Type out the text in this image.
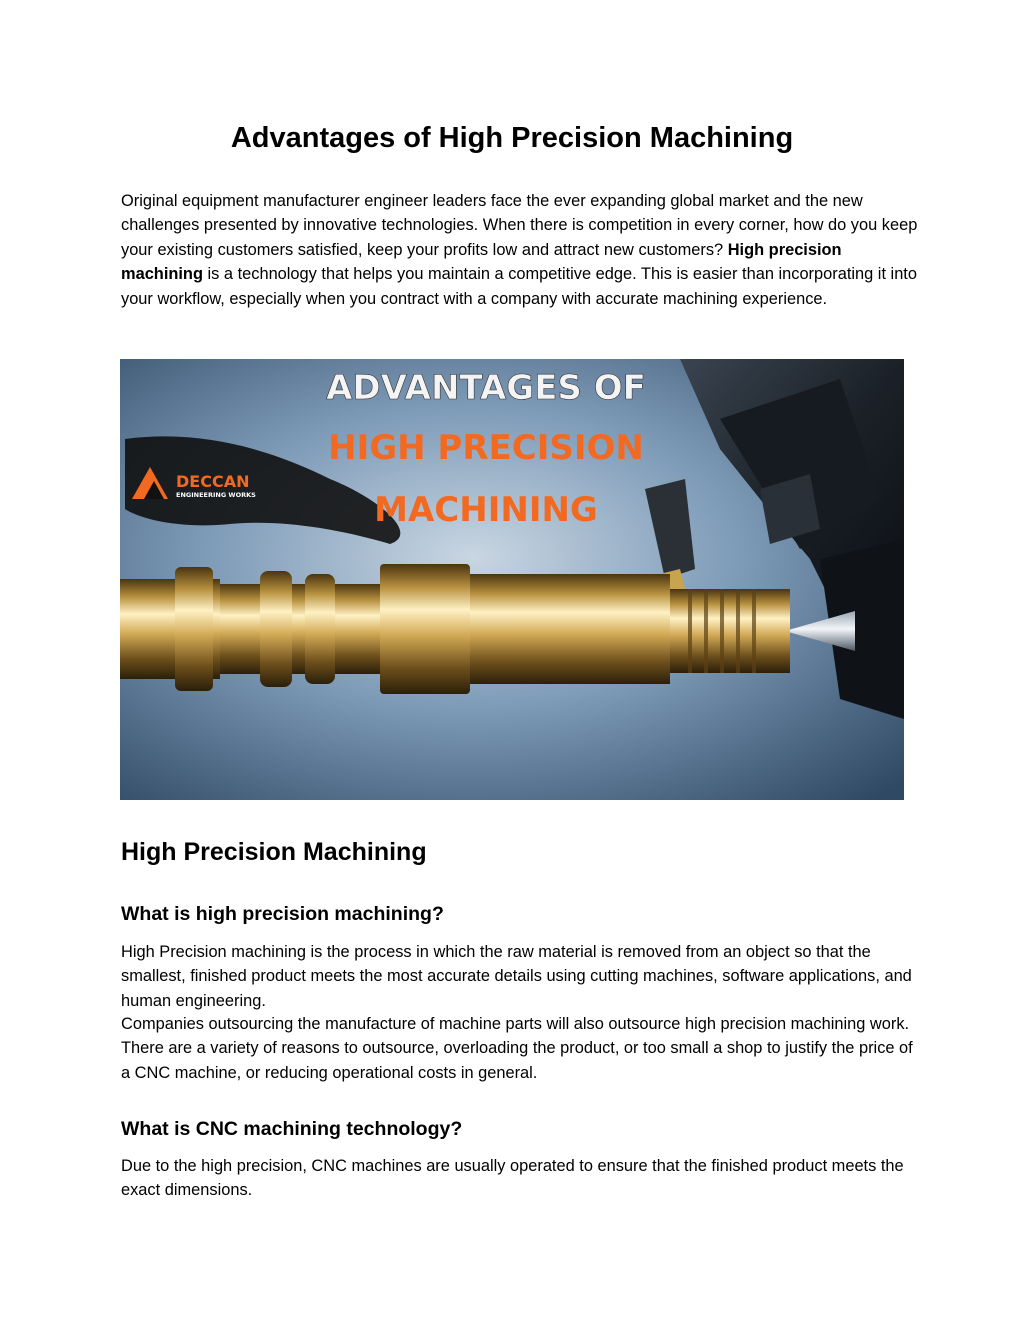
Advantages of High Precision Machining

Original equipment manufacturer engineer leaders face the ever expanding global market and the new challenges presented by innovative technologies. When there is competition in every corner, how do you keep your existing customers satisfied, keep your profits low and attract new customers? High precision machining is a technology that helps you maintain a competitive edge. This is easier than incorporating it into your workflow, especially when you contract with a company with accurate machining experience.

DECCAN
ENGINEERING WORKS
ADVANTAGES OF
HIGH PRECISION
MACHINING
High Precision Machining
What is high precision machining?

High Precision machining is the process in which the raw material is removed from an object so that the smallest, finished product meets the most accurate details using cutting machines, software applications, and human engineering.

Companies outsourcing the manufacture of machine parts will also outsource high precision machining work. There are a variety of reasons to outsource, overloading the product, or too small a shop to justify the price of a CNC machine, or reducing operational costs in general.

What is CNC machining technology?

Due to the high precision, CNC machines are usually operated to ensure that the finished product meets the exact dimensions.
